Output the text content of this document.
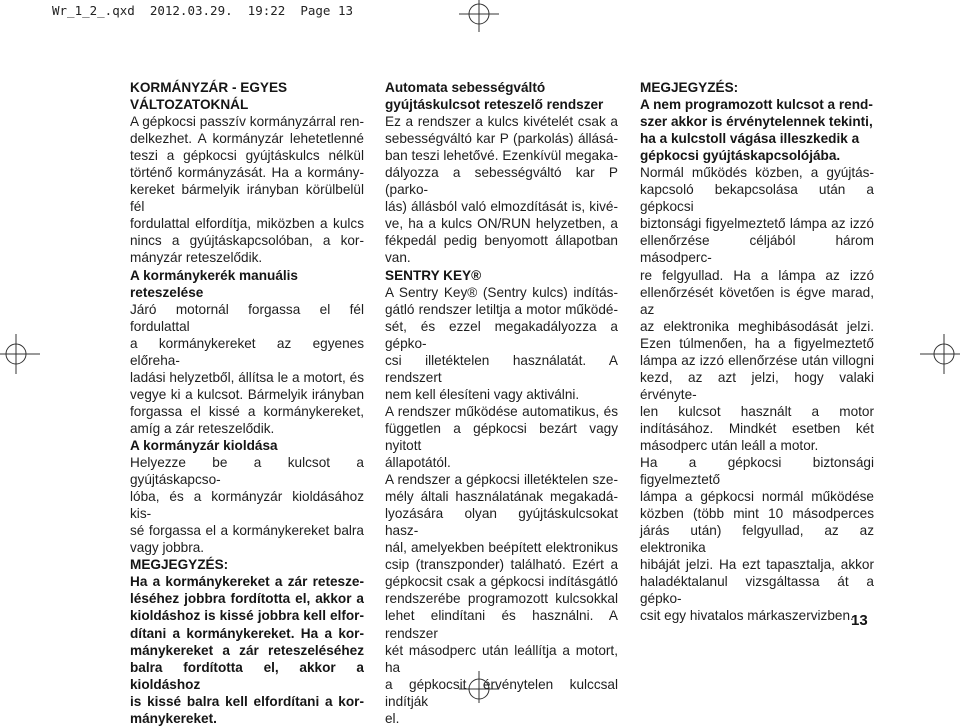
Wr_1_2_.qxd  2012.03.29.  19:22  Page 13

KORMÁNYZÁR - EGYES

VÁLTOZATOKNÁL

A gépkocsi passzív kormányzárral ren-

delkezhet. A kormányzár lehetetlenné

teszi a gépkocsi gyújtáskulcs nélkül

történő kormányzását. Ha a kormány-

kereket bármelyik irányban körülbelül fél

fordulattal elfordítja, miközben a kulcs

nincs a gyújtáskapcsolóban, a kor-

mányzár reteszelődik.

A kormánykerék manuális

reteszelése

Járó motornál forgassa el fél fordulattal

a kormánykereket az egyenes előreha-

ladási helyzetből, állítsa le a motort, és

vegye ki a kulcsot. Bármelyik irányban

forgassa el kissé a kormánykereket,

amíg a zár reteszelődik.

A kormányzár kioldása

Helyezze be a kulcsot a gyújtáskapcso-

lóba, és a kormányzár kioldásához kis-

sé forgassa el a kormánykereket balra

vagy jobbra.

MEGJEGYZÉS:

Ha a kormánykereket a zár retesze-

léséhez jobbra fordította el, akkor a

kioldáshoz is kissé jobbra kell elfor-

dítani a kormánykereket. Ha a kor-

mánykereket a zár reteszeléséhez

balra fordította el, akkor a kioldáshoz

is kissé balra kell elfordítani a kor-

mánykereket.

Automata sebességváltó

gyújtáskulcsot reteszelő rendszer

Ez a rendszer a kulcs kivételét csak a

sebességváltó kar P (parkolás) állásá-

ban teszi lehetővé. Ezenkívül megaka-

dályozza a sebességváltó kar P (parko-

lás) állásból való elmozdítását is, kivé-

ve, ha a kulcs ON/RUN helyzetben, a

fékpedál pedig benyomott állapotban

van.

SENTRY KEY®

A Sentry Key® (Sentry kulcs) indítás-

gátló rendszer letiltja a motor működé-

sét, és ezzel megakadályozza a gépko-

csi illetéktelen használatát. A rendszert

nem kell élesíteni vagy aktiválni.

A rendszer működése automatikus, és

független a gépkocsi bezárt vagy nyitott

állapotától.

A rendszer a gépkocsi illetéktelen sze-

mély általi használatának megakadá-

lyozására olyan gyújtáskulcsokat hasz-

nál, amelyekben beépített elektronikus

csip (transzponder) található. Ezért a

gépkocsit csak a gépkocsi indításgátló

rendszerébe programozott kulcsokkal

lehet elindítani és használni. A rendszer

két másodperc után leállítja a motort, ha

a gépkocsit érvénytelen kulccsal indítják

el.

MEGJEGYZÉS:

A nem programozott kulcsot a rend-

szer akkor is érvénytelennek tekinti,

ha a kulcstoll vágása illeszkedik a

gépkocsi gyújtáskapcsolójába.

Normál működés közben, a gyújtás-

kapcsoló bekapcsolása után a gépkocsi

biztonsági figyelmeztető lámpa az izzó

ellenőrzése céljából három másodperc-

re felgyullad. Ha a lámpa az izzó

ellenőrzését követően is égve marad, az

az elektronika meghibásodását jelzi.

Ezen túlmenően, ha a figyelmeztető

lámpa az izzó ellenőrzése után villogni

kezd, az azt jelzi, hogy valaki érvényte-

len kulcsot használt a motor

indításához. Mindkét esetben két

másodperc után leáll a motor.

Ha a gépkocsi biztonsági figyelmeztető

lámpa a gépkocsi normál működése

közben (több mint 10 másodperces

járás után) felgyullad, az az elektronika

hibáját jelzi. Ha ezt tapasztalja, akkor

haladéktalanul vizsgáltassa át a gépko-

csit egy hivatalos márkaszervizben.

13
